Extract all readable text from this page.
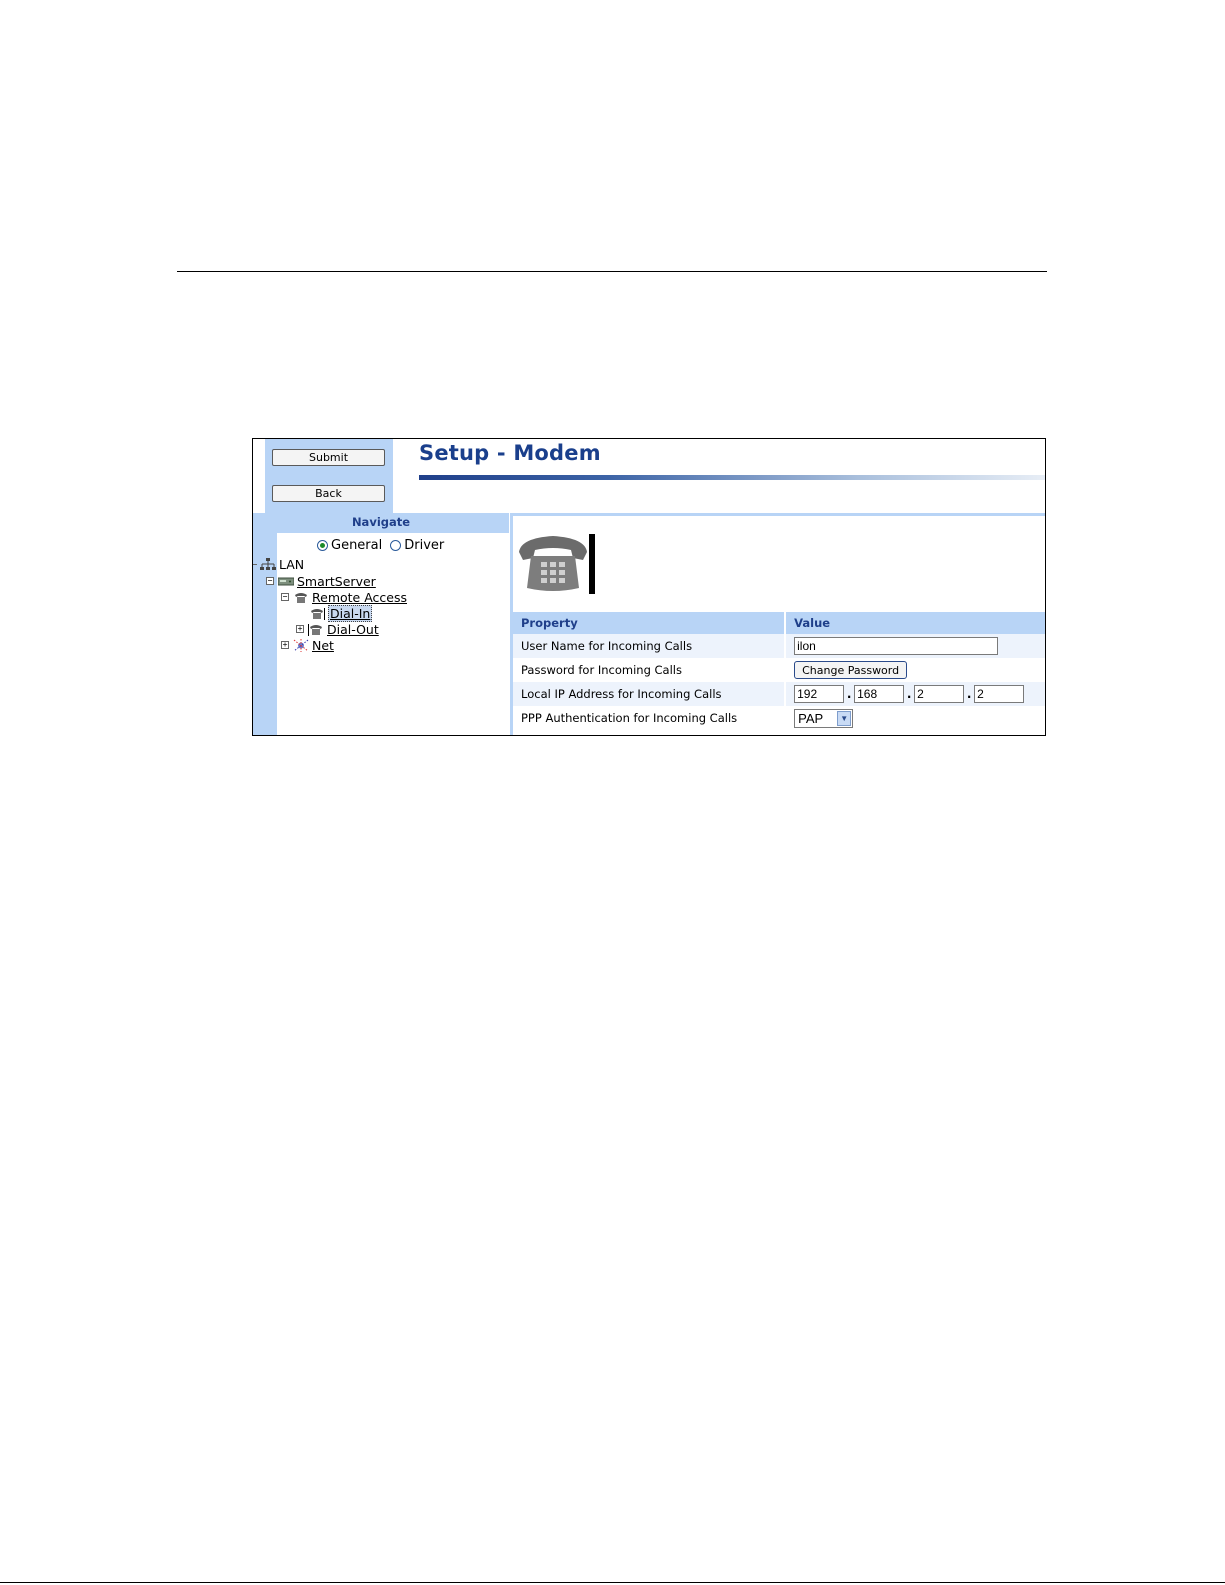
Submit
Back
Setup - Modem
Navigate
General Driver
LAN
− SmartServer
− Remote Access
Dial-In
+ Dial-Out
+ Net
Property	Value
User Name for Incoming Calls	ilon
Password for Incoming Calls	Change Password
Local IP Address for Incoming Calls	192.168 .2 .2
PPP Authentication for Incoming Calls	PAP ▼
